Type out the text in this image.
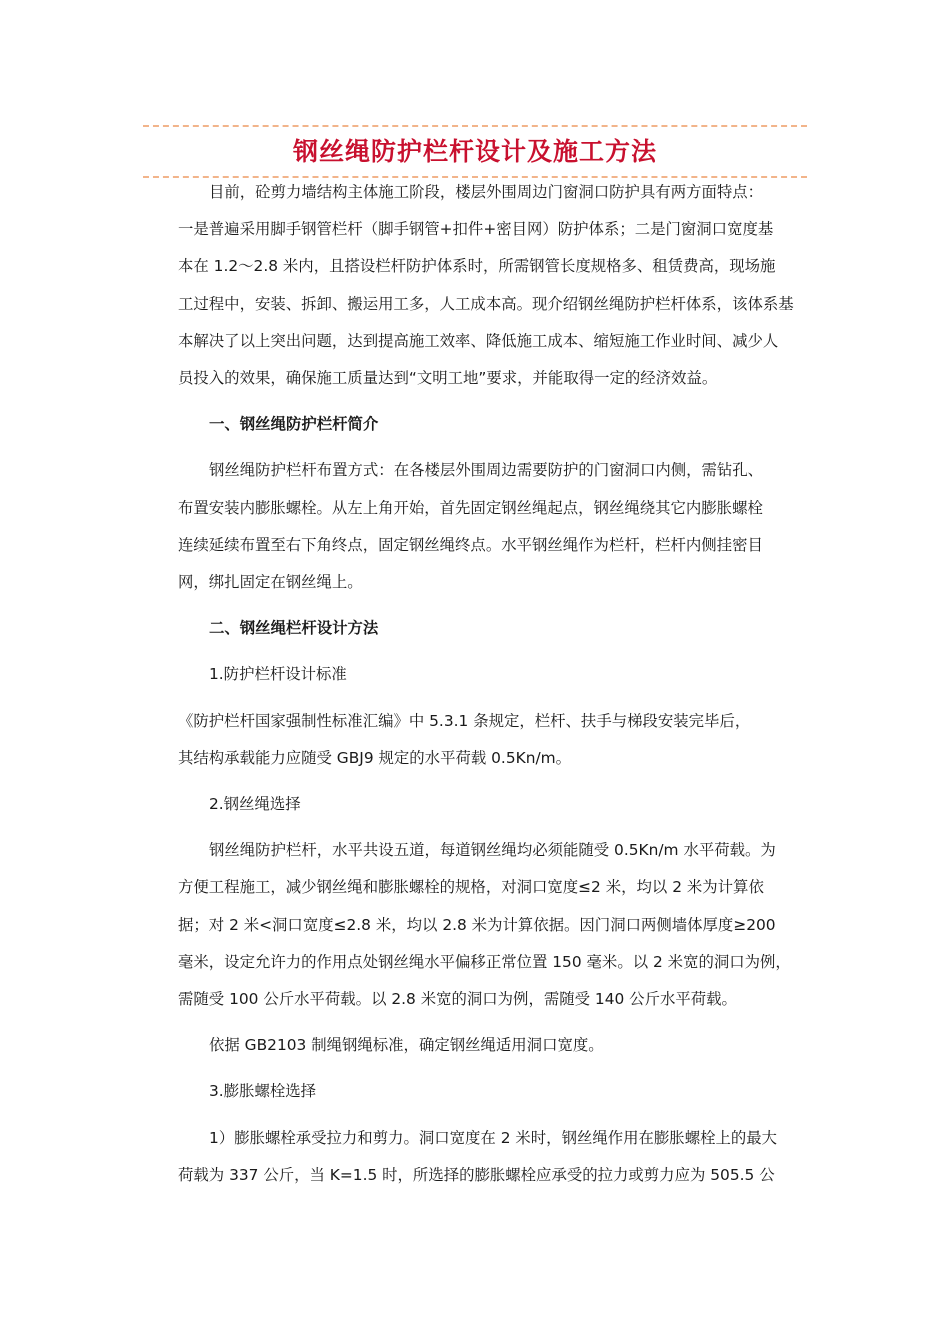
钢丝绳防护栏杆设计及施工方法
目前，砼剪力墙结构主体施工阶段，楼层外围周边门窗洞口防护具有两方面特点：
一是普遍采用脚手钢管栏杆（脚手钢管+扣件+密目网）防护体系；二是门窗洞口宽度基
本在 1.2～2.8 米内，且搭设栏杆防护体系时，所需钢管长度规格多、租赁费高，现场施
工过程中，安装、拆卸、搬运用工多，人工成本高。现介绍钢丝绳防护栏杆体系，该体系基
本解决了以上突出问题，达到提高施工效率、降低施工成本、缩短施工作业时间、减少人
员投入的效果，确保施工质量达到“文明工地”要求，并能取得一定的经济效益。

一、钢丝绳防护栏杆简介

钢丝绳防护栏杆布置方式：在各楼层外围周边需要防护的门窗洞口内侧，需钻孔、
布置安装内膨胀螺栓。从左上角开始，首先固定钢丝绳起点，钢丝绳绕其它内膨胀螺栓
连续延续布置至右下角终点，固定钢丝绳终点。水平钢丝绳作为栏杆，栏杆内侧挂密目
网，绑扎固定在钢丝绳上。

二、钢丝绳栏杆设计方法

1.防护栏杆设计标准

《防护栏杆国家强制性标准汇编》中 5.3.1 条规定，栏杆、扶手与梯段安装完毕后，
其结构承载能力应随受 GBJ9 规定的水平荷载 0.5Kn/m。

2.钢丝绳选择

钢丝绳防护栏杆，水平共设五道，每道钢丝绳均必须能随受 0.5Kn/m 水平荷载。为
方便工程施工，减少钢丝绳和膨胀螺栓的规格，对洞口宽度≤2 米，均以 2 米为计算依
据；对 2 米<洞口宽度≤2.8 米，均以 2.8 米为计算依据。因门洞口两侧墙体厚度≥200
毫米，设定允许力的作用点处钢丝绳水平偏移正常位置 150 毫米。以 2 米宽的洞口为例，
需随受 100 公斤水平荷载。以 2.8 米宽的洞口为例，需随受 140 公斤水平荷载。

依据 GB2103 制绳钢绳标准，确定钢丝绳适用洞口宽度。

3.膨胀螺栓选择

1）膨胀螺栓承受拉力和剪力。洞口宽度在 2 米时，钢丝绳作用在膨胀螺栓上的最大
荷载为 337 公斤，当 K=1.5 时，所选择的膨胀螺栓应承受的拉力或剪力应为 505.5 公
